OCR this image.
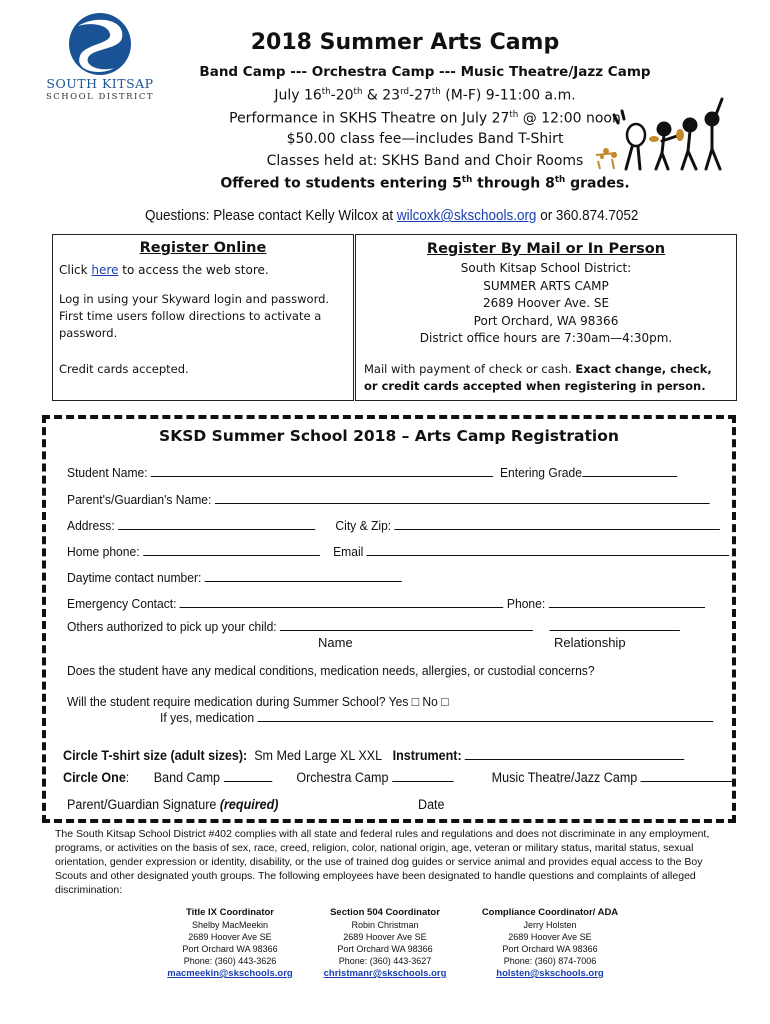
SOUTH KITSAP
SCHOOL DISTRICT
2018 Summer Arts Camp
Band Camp --- Orchestra Camp --- Music Theatre/Jazz Camp
July 16th-20th & 23rd-27th (M-F) 9-11:00 a.m.
Performance in SKHS Theatre on July 27th @ 12:00 noon
$50.00 class fee—includes Band T-Shirt
Classes held at: SKHS Band and Choir Rooms
Offered to students entering 5th through 8th grades.
Questions: Please contact Kelly Wilcox at wilcoxk@skschools.org or 360.874.7052
Register Online
Click here to access the web store.
Log in using your Skyward login and password. First time users follow directions to activate a password.
Credit cards accepted.
Register By Mail or In Person
South Kitsap School District:
SUMMER ARTS CAMP
2689 Hoover Ave. SE
Port Orchard, WA 98366
District office hours are 7:30am—4:30pm.
Mail with payment of check or cash. Exact change, check, or credit cards accepted when registering in person.
SKSD Summer School 2018 – Arts Camp Registration
Student Name:	Entering Grade
Parent's/Guardian's Name:
Address:	City & Zip:
Home phone:	Email
Daytime contact number:
Emergency Contact:	Phone:
Others authorized to pick up your child:
Name	Relationship
Does the student have any medical conditions, medication needs, allergies, or custodial concerns?
Will the student require medication during Summer School? Yes □ No □
If yes, medication
Circle T-shirt size (adult sizes): Sm Med Large XL XXL Instrument:
Circle One: Band Camp	Orchestra Camp	Music Theatre/Jazz Camp
Parent/Guardian Signature (required)	Date
The South Kitsap School District #402 complies with all state and federal rules and regulations and does not discriminate in any employment, programs, or activities on the basis of sex, race, creed, religion, color, national origin, age, veteran or military status, marital status, sexual orientation, gender expression or identity, disability, or the use of trained dog guides or service animal and provides equal access to the Boy Scouts and other designated youth groups. The following employees have been designated to handle questions and complaints of alleged discrimination:
Title IX Coordinator
Shelby MacMeekin
2689 Hoover Ave SE
Port Orchard WA 98366
Phone: (360) 443-3626
macmeekin@skschools.org
Section 504 Coordinator
Robin Christman
2689 Hoover Ave SE
Port Orchard WA 98366
Phone: (360) 443-3627
christmanr@skschools.org
Compliance Coordinator/ ADA
Jerry Holsten
2689 Hoover Ave SE
Port Orchard WA 98366
Phone: (360) 874-7006
holsten@skschools.org
